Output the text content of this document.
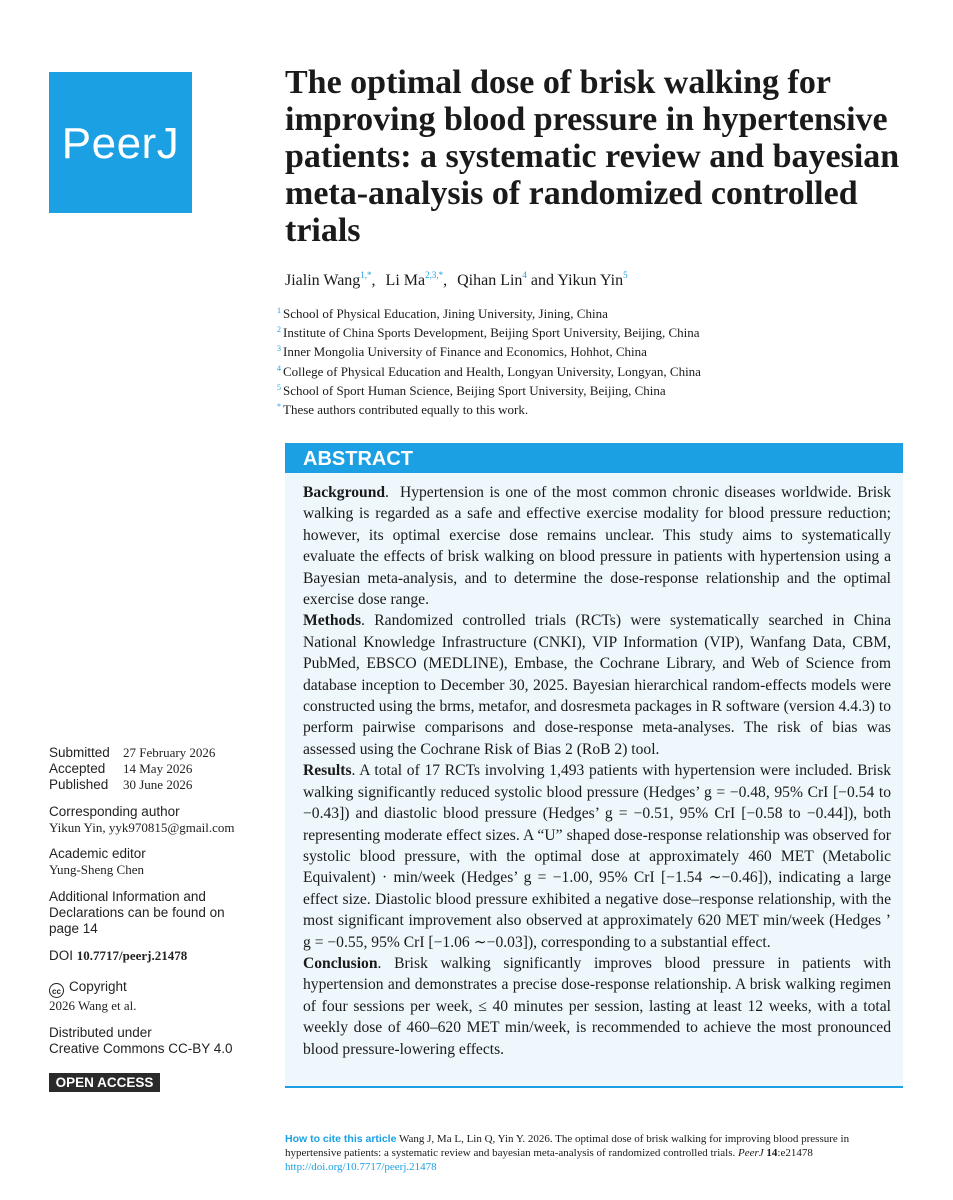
PeerJ
The optimal dose of brisk walking for improving blood pressure in hypertensive patients: a systematic review and bayesian meta-analysis of randomized controlled trials
Jialin Wang$^{1,*}$, Li $Ma^{2,3,*}$, Qihan Lin$^4$ and Yikun Yin$^5$
$^1$ School of Physical Education, Jining University, Jining, China
$^2$ Institute of China Sports Development, Beijing Sport University, Beijing, China
$^3$ Inner Mongolia University of Finance and Economics, Hohhot, China
$^4$ College of Physical Education and Health, Longyan University, Longyan, China
$^5$ School of Sport Human Science, Beijing Sport University, Beijing, China
* These authors contributed equally to this work.
ABSTRACT

Background.  Hypertension is one of the most common chronic diseases worldwide. Brisk walking is regarded as a safe and effective exercise modality for blood pressure reduction; however, its optimal exercise dose remains unclear. This study aims to systematically evaluate the effects of brisk walking on blood pressure in patients with hypertension using a Bayesian meta-analysis, and to determine the dose-response relationship and the optimal exercise dose range.

Methods. Randomized controlled trials (RCTs) were systematically searched in China National Knowledge Infrastructure (CNKI), VIP Information (VIP), Wanfang Data, CBM, PubMed, EBSCO (MEDLINE), Embase, the Cochrane Library, and Web of Science from database inception to December 30, 2025. Bayesian hierarchical random-effects models were constructed using the brms, metafor, and dosresmeta packages in R software (version 4.4.3) to perform pairwise comparisons and dose-response meta-analyses. The risk of bias was assessed using the Cochrane Risk of Bias 2 (RoB 2) tool.

Results. A total of 17 RCTs involving 1,493 patients with hypertension were included. Brisk walking significantly reduced systolic blood pressure (Hedges’ g = −0.48, 95% CrI [−0.54 to −0.43]) and diastolic blood pressure (Hedges’ g = −0.51, 95% CrI [−0.58 to −0.44]), both representing moderate effect sizes. A “U” shaped dose-response relationship was observed for systolic blood pressure, with the optimal dose at approximately 460 MET (Metabolic Equivalent) · min/week (Hedges’ g = −1.00, 95% CrI [−1.54 ∼−0.46]), indicating a large effect size. Diastolic blood pressure exhibited a negative dose–response relationship, with the most significant improvement also observed at approximately 620 MET min/week (Hedges ’ g = −0.55, 95% CrI [−1.06 ∼−0.03]), corresponding to a substantial effect.

Conclusion. Brisk walking significantly improves blood pressure in patients with hypertension and demonstrates a precise dose-response relationship. A brisk walking regimen of four sessions per week, ≤ 40 minutes per session, lasting at least 12 weeks, with a total weekly dose of 460–620 MET min/week, is recommended to achieve the most pronounced blood pressure-lowering effects.

Submitted 27 February 2026
Accepted 14 May 2026
Published 30 June 2026
Corresponding author
Yikun Yin, yyk970815@gmail.com
Academic editor
Yung-Sheng Chen
Additional Information and Declarations can be found on page 14
DOI 10.7717/peerj.21478
cc Copyright
2026 Wang et al.
Distributed under
Creative Commons CC-BY 4.0
OPEN ACCESS
How to cite this article Wang J, Ma L, Lin Q, Yin Y. 2026. The optimal dose of brisk walking for improving blood pressure in hypertensive patients: a systematic review and bayesian meta-analysis of randomized controlled trials. PeerJ 14:e21478
http://doi.org/10.7717/peerj.21478
